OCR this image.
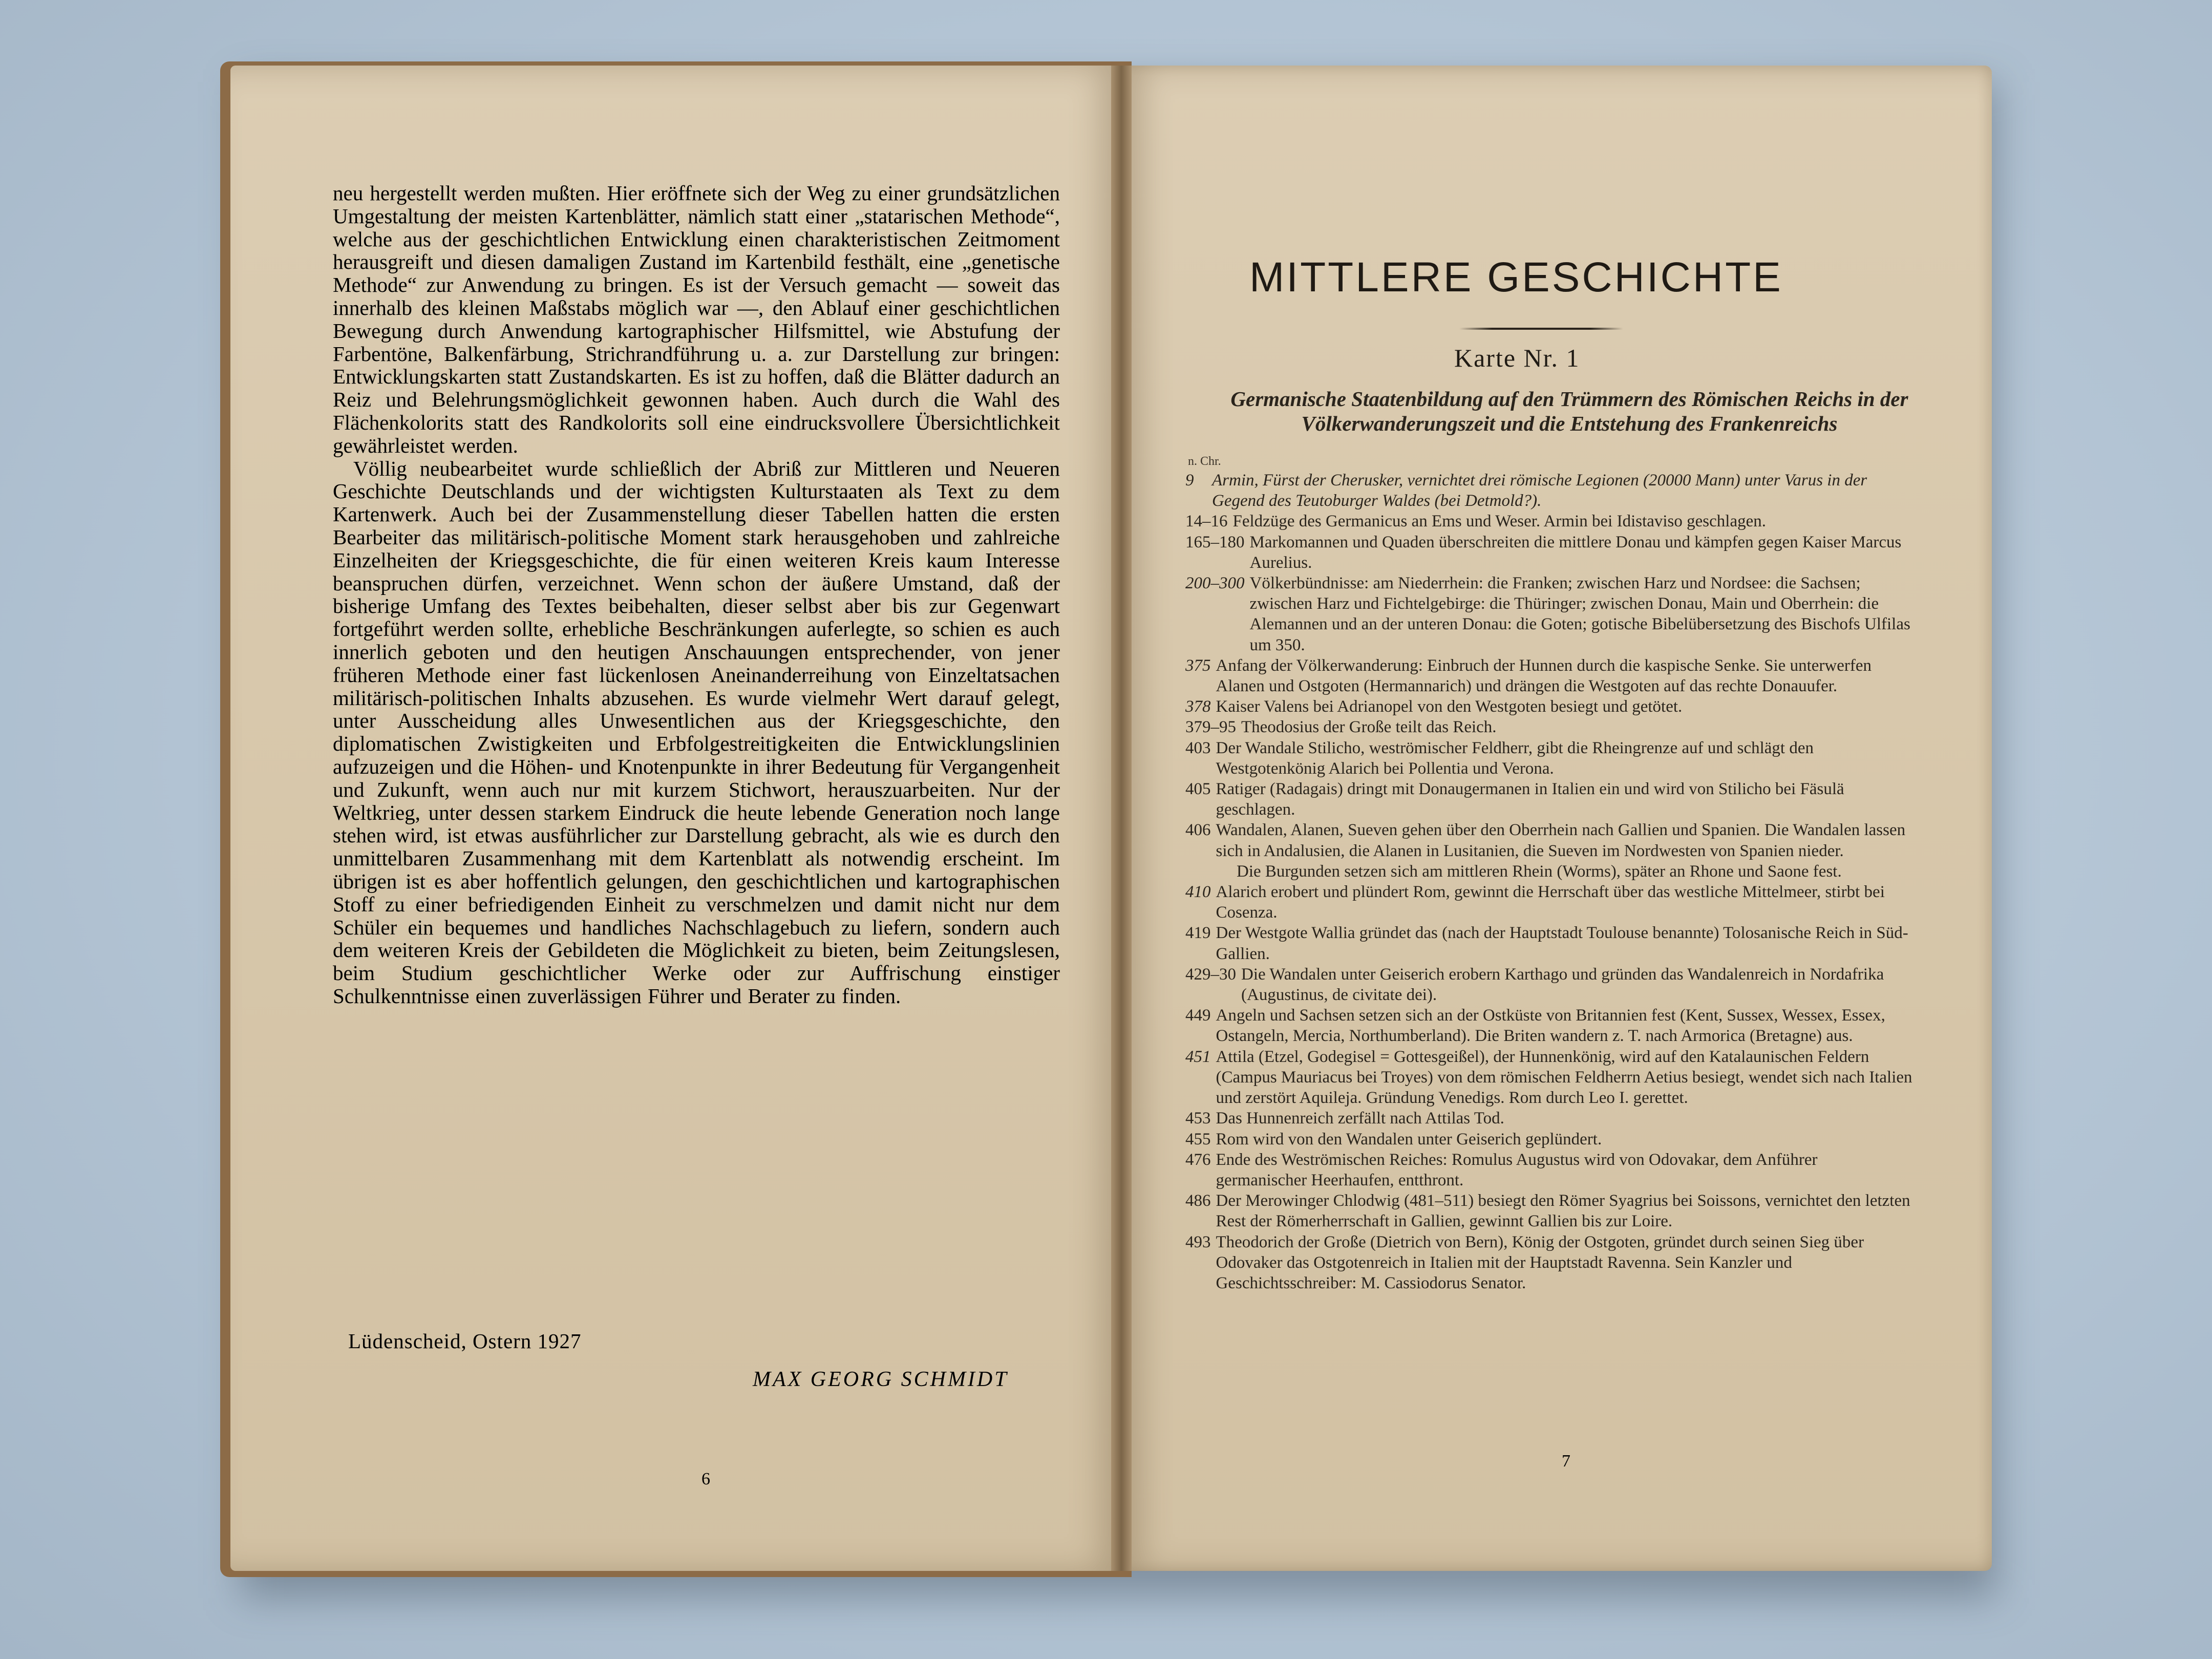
neu hergestellt werden mußten. Hier eröffnete sich der Weg zu einer grundsätzlichen Umgestaltung der meisten Kartenblätter, nämlich statt einer „statarischen Methode“, welche aus der geschichtlichen Entwicklung einen charakteristischen Zeitmoment herausgreift und diesen damaligen Zustand im Kartenbild festhält, eine „genetische Methode“ zur Anwendung zu bringen. Es ist der Versuch gemacht — soweit das innerhalb des kleinen Maßstabs möglich war —, den Ablauf einer geschichtlichen Bewegung durch Anwendung kartographischer Hilfsmittel, wie Abstufung der Farbentöne, Balkenfärbung, Strichrandführung u. a. zur Darstellung zur bringen: Entwicklungskarten statt Zustandskarten. Es ist zu hoffen, daß die Blätter dadurch an Reiz und Belehrungsmöglichkeit gewonnen haben. Auch durch die Wahl des Flächenkolorits statt des Randkolorits soll eine eindrucksvollere Übersichtlichkeit gewährleistet werden.

Völlig neubearbeitet wurde schließlich der Abriß zur Mittleren und Neueren Geschichte Deutschlands und der wichtigsten Kulturstaaten als Text zu dem Kartenwerk. Auch bei der Zusammenstellung dieser Tabellen hatten die ersten Bearbeiter das militärisch-politische Moment stark herausgehoben und zahlreiche Einzelheiten der Kriegsgeschichte, die für einen weiteren Kreis kaum Interesse beanspruchen dürfen, verzeichnet. Wenn schon der äußere Umstand, daß der bisherige Umfang des Textes beibehalten, dieser selbst aber bis zur Gegenwart fortgeführt werden sollte, erhebliche Beschränkungen auferlegte, so schien es auch innerlich geboten und den heutigen Anschauungen entsprechender, von jener früheren Methode einer fast lückenlosen Aneinanderreihung von Einzeltatsachen militärisch-politischen Inhalts abzusehen. Es wurde vielmehr Wert darauf gelegt, unter Ausscheidung alles Unwesentlichen aus der Kriegsgeschichte, den diplomatischen Zwistigkeiten und Erbfolgestreitigkeiten die Entwicklungslinien aufzuzeigen und die Höhen- und Knotenpunkte in ihrer Bedeutung für Vergangenheit und Zukunft, wenn auch nur mit kurzem Stichwort, herauszuarbeiten. Nur der Weltkrieg, unter dessen starkem Eindruck die heute lebende Generation noch lange stehen wird, ist etwas ausführlicher zur Darstellung gebracht, als wie es durch den unmittelbaren Zusammenhang mit dem Kartenblatt als notwendig erscheint. Im übrigen ist es aber hoffentlich gelungen, den geschichtlichen und kartographischen Stoff zu einer befriedigenden Einheit zu verschmelzen und damit nicht nur dem Schüler ein bequemes und handliches Nachschlagebuch zu liefern, sondern auch dem weiteren Kreis der Gebildeten die Möglichkeit zu bieten, beim Zeitungslesen, beim Studium geschichtlicher Werke oder zur Auffrischung einstiger Schulkenntnisse einen zuverlässigen Führer und Berater zu finden.

Lüdenscheid, Ostern 1927
MAX GEORG SCHMIDT
6
MITTLERE GESCHICHTE
Karte Nr. 1
Germanische Staatenbildung auf den Trümmern des Römischen Reichs in der Völkerwanderungszeit und die Entstehung des Frankenreichs
n. Chr.
9	Armin, Fürst der Cherusker, vernichtet drei römische Legionen (20000 Mann) unter Varus in der Gegend des Teutoburger Waldes (bei Detmold?).
14–16 Feldzüge des Germanicus an Ems und Weser. Armin bei Idistaviso geschlagen.
165–180 Markomannen und Quaden überschreiten die mittlere Donau und kämpfen gegen Kaiser Marcus Aurelius.
200–300 Völkerbündnisse: am Niederrhein: die Franken; zwischen Harz und Nordsee: die Sachsen; zwischen Harz und Fichtelgebirge: die Thüringer; zwischen Donau, Main und Oberrhein: die Alemannen und an der unteren Donau: die Goten; gotische Bibelübersetzung des Bischofs Ulfilas um 350.
375 Anfang der Völkerwanderung: Einbruch der Hunnen durch die kaspische Senke. Sie unterwerfen Alanen und Ostgoten (Hermannarich) und drängen die Westgoten auf das rechte Donauufer.
378 Kaiser Valens bei Adrianopel von den Westgoten besiegt und getötet.
379–95 Theodosius der Große teilt das Reich.
403 Der Wandale Stilicho, weströmischer Feldherr, gibt die Rheingrenze auf und schlägt den Westgotenkönig Alarich bei Pollentia und Verona.
405 Ratiger (Radagais) dringt mit Donaugermanen in Italien ein und wird von Stilicho bei Fäsulä geschlagen.
406 Wandalen, Alanen, Sueven gehen über den Oberrhein nach Gallien und Spanien. Die Wandalen lassen sich in Andalusien, die Alanen in Lusitanien, die Sueven im Nordwesten von Spanien nieder.
Die Burgunden setzen sich am mittleren Rhein (Worms), später an Rhone und Saone fest.
410 Alarich erobert und plündert Rom, gewinnt die Herrschaft über das westliche Mittelmeer, stirbt bei Cosenza.
419 Der Westgote Wallia gründet das (nach der Hauptstadt Toulouse benannte) Tolosanische Reich in Süd-Gallien.
429–30 Die Wandalen unter Geiserich erobern Karthago und gründen das Wandalenreich in Nordafrika (Augustinus, de civitate dei).
449 Angeln und Sachsen setzen sich an der Ostküste von Britannien fest (Kent, Sussex, Wessex, Essex, Ostangeln, Mercia, Northumberland). Die Briten wandern z. T. nach Armorica (Bretagne) aus.
451 Attila (Etzel, Godegisel = Gottesgeißel), der Hunnenkönig, wird auf den Katalaunischen Feldern (Campus Mauriacus bei Troyes) von dem römischen Feldherrn Aetius besiegt, wendet sich nach Italien und zerstört Aquileja. Gründung Venedigs. Rom durch Leo I. gerettet.
453 Das Hunnenreich zerfällt nach Attilas Tod.
455 Rom wird von den Wandalen unter Geiserich geplündert.
476 Ende des Weströmischen Reiches: Romulus Augustus wird von Odovakar, dem Anführer germanischer Heerhaufen, entthront.
486 Der Merowinger Chlodwig (481–511) besiegt den Römer Syagrius bei Soissons, vernichtet den letzten Rest der Römerherrschaft in Gallien, gewinnt Gallien bis zur Loire.
493 Theodorich der Große (Dietrich von Bern), König der Ostgoten, gründet durch seinen Sieg über Odovaker das Ostgotenreich in Italien mit der Hauptstadt Ravenna. Sein Kanzler und Geschichtsschreiber: M. Cassiodorus Senator.
7
